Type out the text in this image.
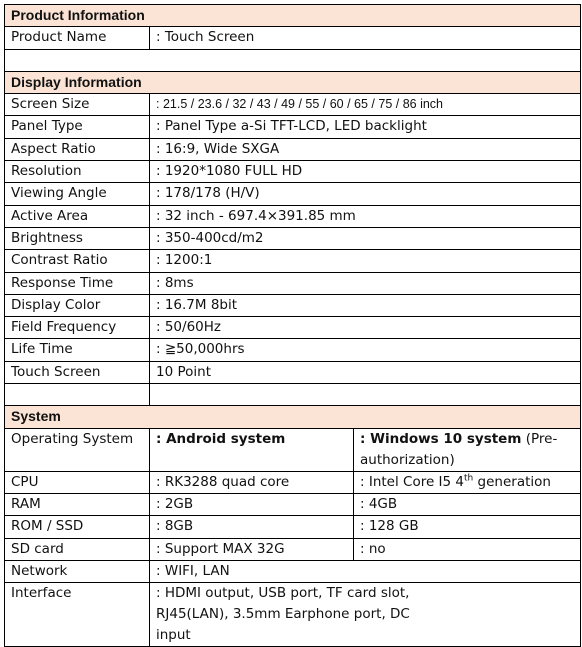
Product Information		
Product Name	: Touch Screen	

Display Information		
Screen Size	: 21.5 / 23.6 / 32 / 43 / 49 / 55 / 60 / 65 / 75 / 86 inch	
Panel Type	: Panel Type a-Si TFT-LCD, LED backlight	
Aspect Ratio	: 16:9, Wide SXGA	
Resolution	: 1920*1080 FULL HD	
Viewing Angle	: 178/178 (H/V)	
Active Area	: 32 inch - 697.4×391.85 mm	
Brightness	: 350-400cd/m2	
Contrast Ratio	: 1200:1	
Response Time	: 8ms	
Display Color	: 16.7M 8bit	
Field Frequency	: 50/60Hz	
Life Time	: ≧50,000hrs	
Touch Screen	10 Point	

System		
Operating System	: Android system	: Windows 10 system (Pre-authorization)
CPU	: RK3288 quad core	: Intel Core I5 4th generation
RAM	: 2GB	: 4GB
ROM / SSD	: 8GB	: 128 GB
SD card	: Support MAX 32G	: no
Network	: WIFI, LAN	
Interface	: HDMI output, USB port, TF card slot, RJ45(LAN), 3.5mm Earphone port, DC input	
